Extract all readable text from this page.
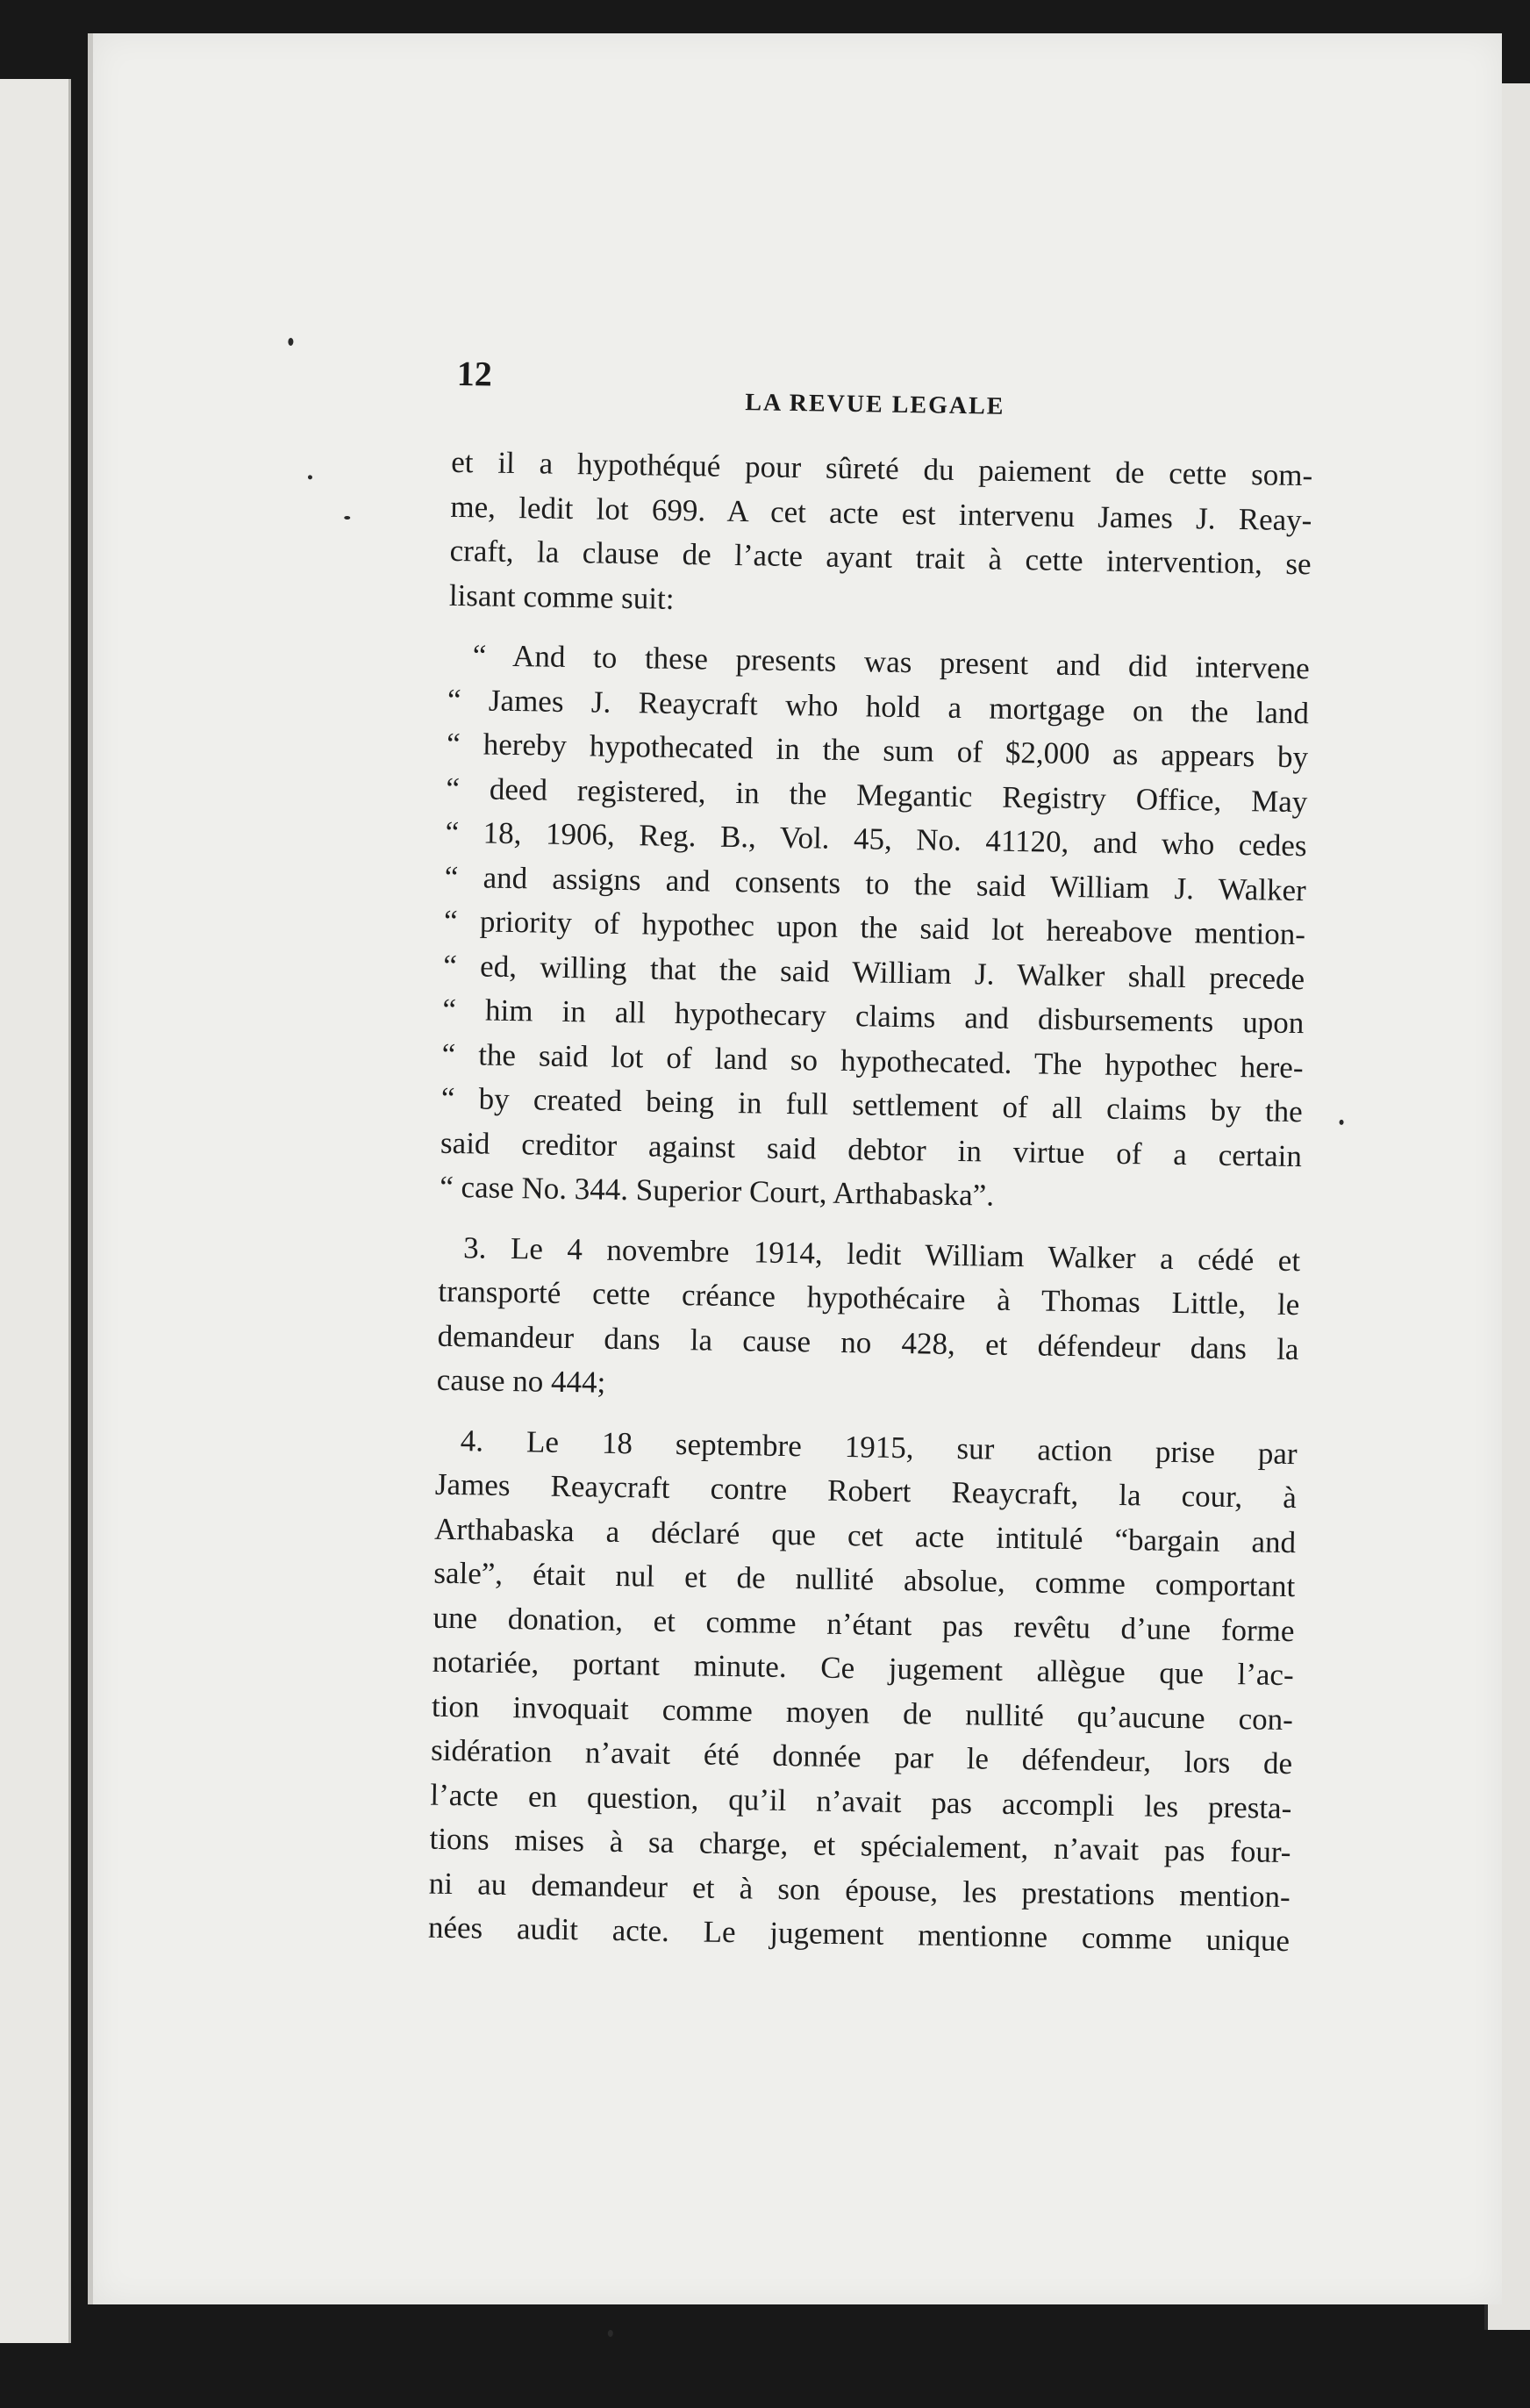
12
LA REVUE LEGALE

et il a hypothéqué pour sûreté du paiement de cette som-
me, ledit lot 699. A cet acte est intervenu James J. Reay-
craft, la clause de l’acte ayant trait à cette intervention, se
lisant comme suit:

“ And to these presents was present and did intervene
“ James J. Reaycraft who hold a mortgage on the land
“ hereby hypothecated in the sum of $2,000 as appears by
“ deed registered, in the Megantic Registry Office, May
“ 18, 1906, Reg. B., Vol. 45, No. 41120, and who cedes
“ and assigns and consents to the said William J. Walker
“ priority of hypothec upon the said lot hereabove mention-
“ ed, willing that the said William J. Walker shall precede
“ him in all hypothecary claims and disbursements upon
“ the said lot of land so hypothecated. The hypothec here-
“ by created being in full settlement of all claims by the
said creditor against said debtor in virtue of a certain
“ case No. 344. Superior Court, Arthabaska”.

3. Le 4 novembre 1914, ledit William Walker a cédé et
transporté cette créance hypothécaire à Thomas Little, le
demandeur dans la cause no 428, et défendeur dans la
cause no 444;

4. Le 18 septembre 1915, sur action prise par
James Reaycraft contre Robert Reaycraft, la cour, à
Arthabaska a déclaré que cet acte intitulé “bargain and
sale”, était nul et de nullité absolue, comme comportant
une donation, et comme n’étant pas revêtu d’une forme
notariée, portant minute. Ce jugement allègue que l’ac-
tion invoquait comme moyen de nullité qu’aucune con-
sidération n’avait été donnée par le défendeur, lors de
l’acte en question, qu’il n’avait pas accompli les presta-
tions mises à sa charge, et spécialement, n’avait pas four-
ni au demandeur et à son épouse, les prestations mention-
nées audit acte. Le jugement mentionne comme unique
